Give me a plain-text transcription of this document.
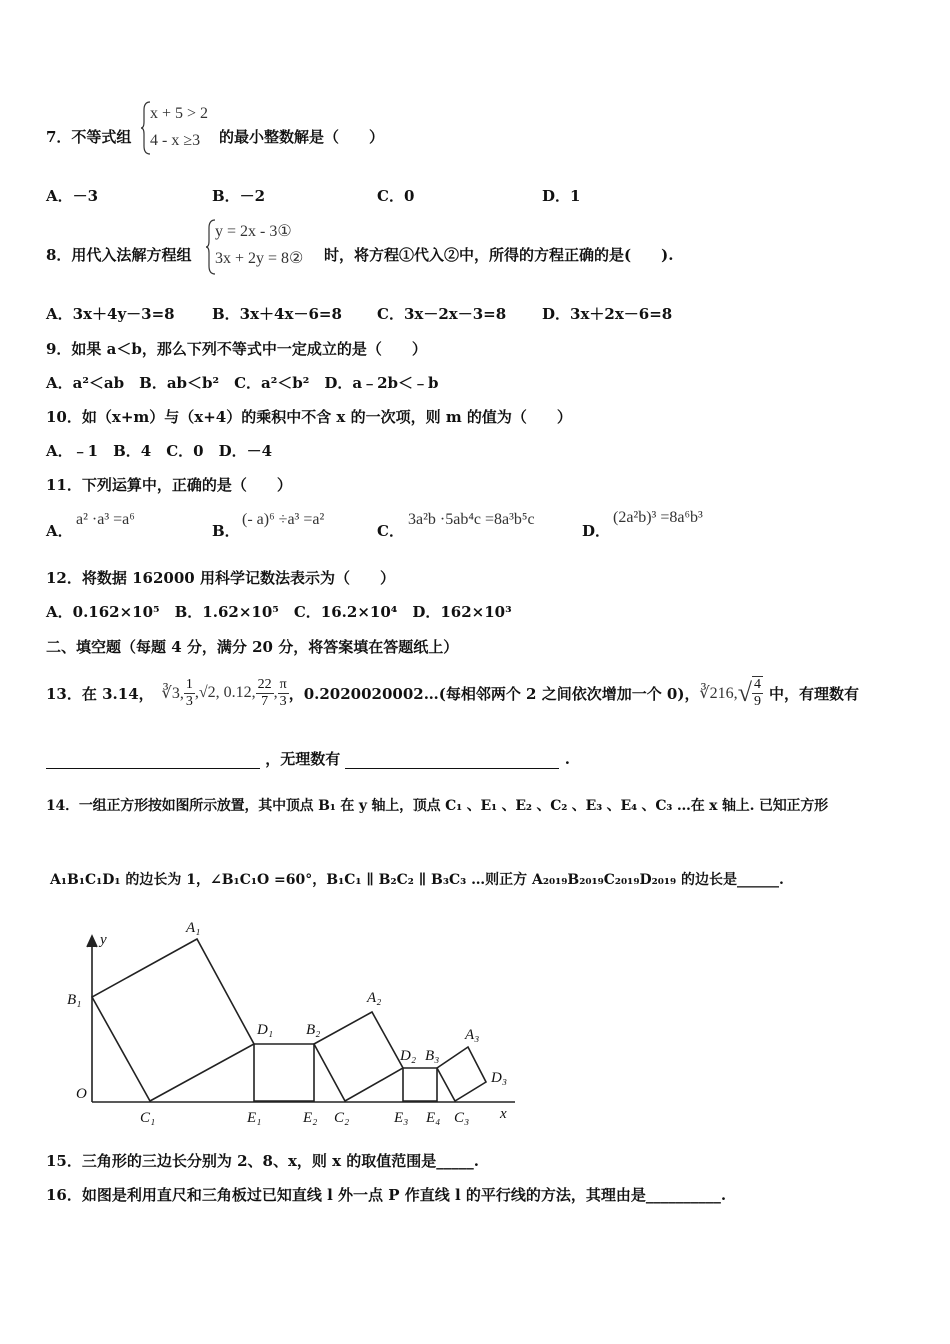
7．不等式组
x + 5 > 2
4 - x ≥3	的最小整数解是（　　）
A．－3	B．－2	C．0	D．1
8．用代入法解方程组
y = 2x - 3①
3x + 2y = 8② 时，将方程①代入②中，所得的方程正确的是(　　).
A．3x＋4y－3=8 B．3x＋4x－6=8 C．3x－2x－3=8 D．3x＋2x－6=8
9．如果 a＜b，那么下列不等式中一定成立的是（　　）
A．a²＜ab　B．ab＜b²　C．a²＜b²　D．a﹣2b＜﹣b
10．如（x+m）与（x+4）的乘积中不含 x 的一次项，则 m 的值为（　　）
A．﹣1　B．4　C．0　D．－4
11．下列运算中，正确的是（　　）
A．
a² ·a³ =a⁶
B．
(- a)⁶ ÷a³ =a²
C．
3a²b ·5ab⁴c =8a³b⁵c
D．
(2a²b)³ =8a⁶b³
12．将数据 162000 用科学记数法表示为（　　）
A．0.162×10⁵　B．1.62×10⁵　C．16.2×10⁴　D．162×10³
二、填空题（每题 4 分，满分 20 分，将答案填在答题纸上）
13．在 3.14， ∛3, $\frac{1}{3} ,√2$, 0.12, $\frac{22}{7}$ , $\frac{\pi}{3}$ ，0.2020020002…(每相邻两个 2 之间依次增加一个 0)， ∛216, √ $\frac{4}{9}$ 中，有理数有
，无理数有	.
14．一组正方形按如图所示放置，其中顶点 B₁ 在 y 轴上，顶点 C₁ 、E₁ 、E₂ 、C₂ 、E₃ 、E₄ 、C₃ …在 x 轴上. 已知正方形
A₁B₁C₁D₁ 的边长为 1，∠B₁C₁O =60°，B₁C₁ ∥ B₂C₂ ∥ B₃C₃ …则正方 A₂₀₁₉B₂₀₁₉C₂₀₁₉D₂₀₁₉ 的边长是______.
y
A₁
B₁
O
C₁
D₁
E₁
B₂
E₂ C₂
A₂
D₂ B₃
E₃ E₄ C₃
A₃
D₃
x
15．三角形的三边长分别为 2、8、x，则 x 的取值范围是_____.
16．如图是利用直尺和三角板过已知直线 l 外一点 P 作直线 l 的平行线的方法，其理由是__________.
